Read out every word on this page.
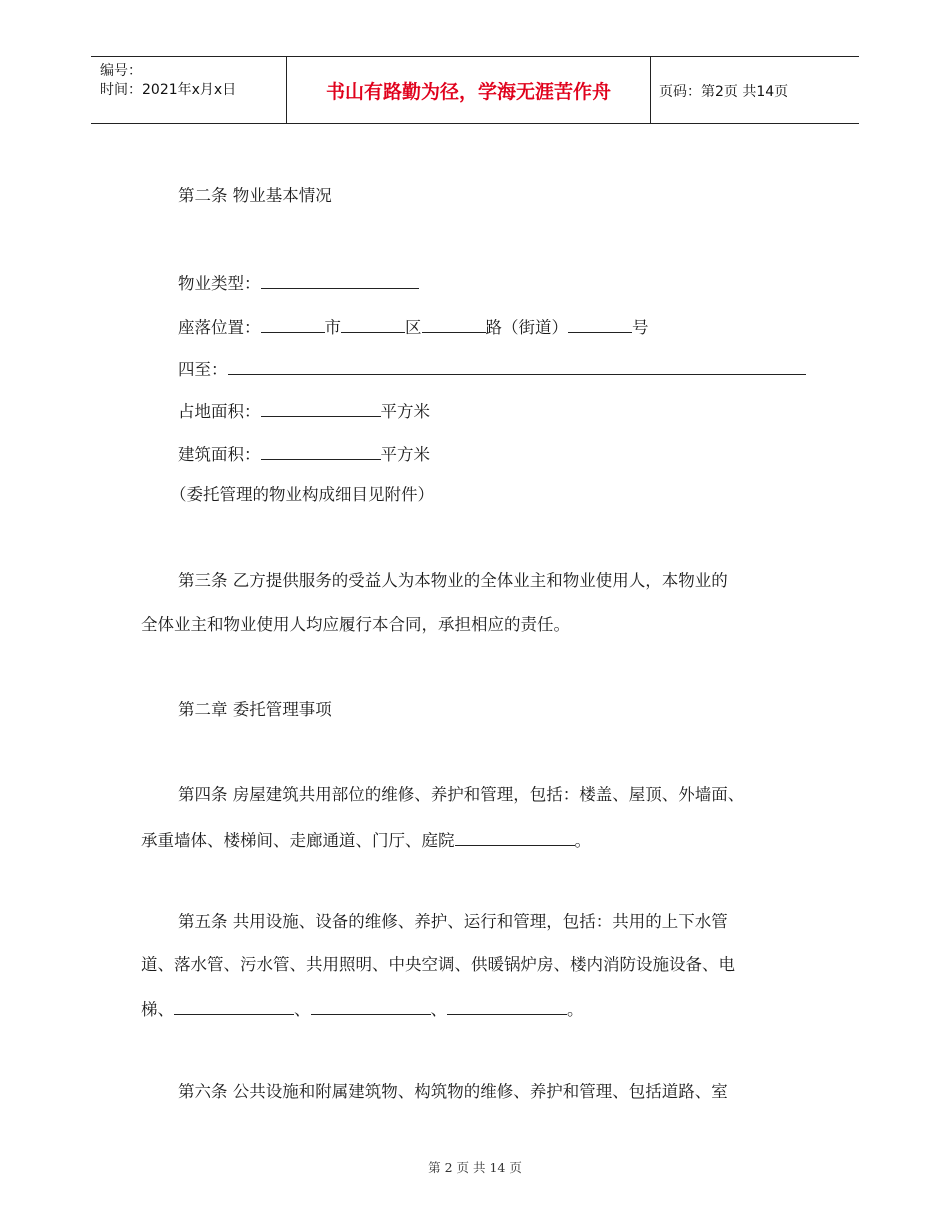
编号：
时间：2021年x月x日	书山有路勤为径，学海无涯苦作舟	页码：第2页 共14页
第二条 物业基本情况
物业类型：
座落位置：	市	区	路（街道）	号
四至：
占地面积：	平方米
建筑面积：	平方米
（委托管理的物业构成细目见附件）
第三条 乙方提供服务的受益人为本物业的全体业主和物业使用人，本物业的
全体业主和物业使用人均应履行本合同，承担相应的责任。
第二章 委托管理事项
第四条 房屋建筑共用部位的维修、养护和管理，包括：楼盖、屋顶、外墙面、
承重墙体、楼梯间、走廊通道、门厅、庭院	。
第五条 共用设施、设备的维修、养护、运行和管理，包括：共用的上下水管
道、落水管、污水管、共用照明、中央空调、供暖锅炉房、楼内消防设施设备、电
梯、	、	、	。
第六条 公共设施和附属建筑物、构筑物的维修、养护和管理、包括道路、室
第 2 页 共 14 页
